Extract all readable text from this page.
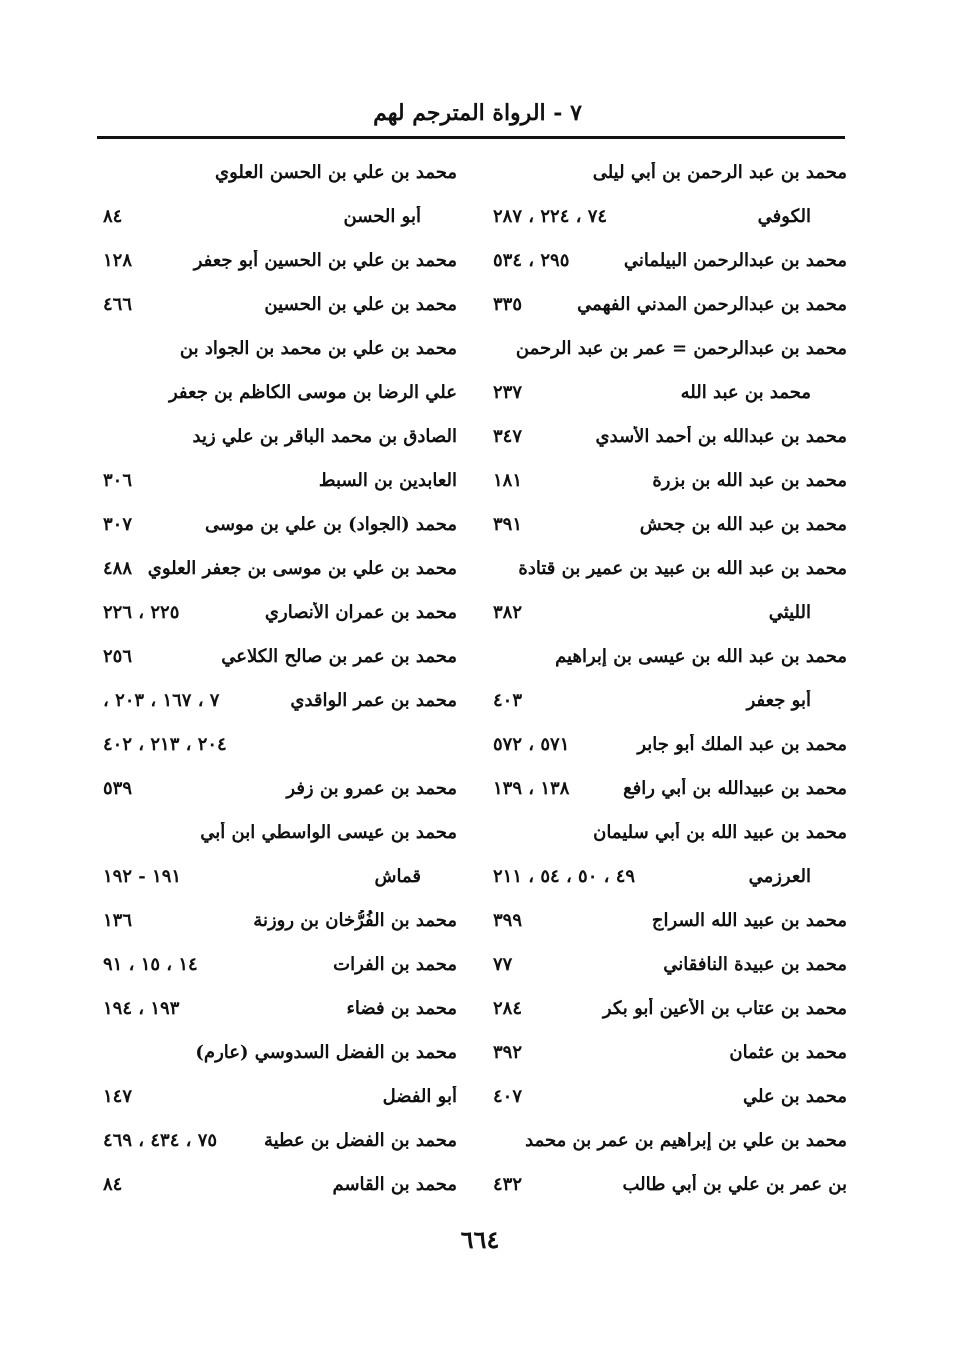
٧ - الرواة المترجم لهم
محمد بن عبد الرحمن بن أبي ليلى
الكوفي
٧٤ ، ٢٢٤ ، ٢٨٧
محمد بن عبدالرحمن البيلماني
٢٩٥ ، ٥٣٤
محمد بن عبدالرحمن المدني الفهمي
٣٣٥
محمد بن عبدالرحمن = عمر بن عبد الرحمن
محمد بن عبد الله
٢٣٧
محمد بن عبدالله بن أحمد الأسدي
٣٤٧
محمد بن عبد الله بن بزرة
١٨١
محمد بن عبد الله بن جحش
٣٩١
محمد بن عبد الله بن عبيد بن عمير بن قتادة
الليثي
٣٨٢
محمد بن عبد الله بن عيسى بن إبراهيم
أبو جعفر
٤٠٣
محمد بن عبد الملك أبو جابر
٥٧١ ، ٥٧٢
محمد بن عبيدالله بن أبي رافع
١٣٨ ، ١٣٩
محمد بن عبيد الله بن أبي سليمان
العرزمي
٤٩ ، ٥٠ ، ٥٤ ، ٢١١
محمد بن عبيد الله السراج
٣٩٩
محمد بن عبيدة النافقاني
٧٧
محمد بن عتاب بن الأعين أبو بكر
٢٨٤
محمد بن عثمان
٣٩٢
محمد بن علي
٤٠٧
محمد بن علي بن إبراهيم بن عمر بن محمد
بن عمر بن علي بن أبي طالب
٤٣٢
محمد بن علي بن الحسن العلوي
أبو الحسن
٨٤
محمد بن علي بن الحسين أبو جعفر
١٢٨
محمد بن علي بن الحسين
٤٦٦
محمد بن علي بن محمد بن الجواد بن
علي الرضا بن موسى الكاظم بن جعفر
الصادق بن محمد الباقر بن علي زيد
العابدين بن السبط
٣٠٦
محمد (الجواد) بن علي بن موسى
٣٠٧
محمد بن علي بن موسى بن جعفر العلوي
٤٨٨
محمد بن عمران الأنصاري
٢٢٥ ، ٢٢٦
محمد بن عمر بن صالح الكلاعي
٢٥٦
محمد بن عمر الواقدي
٧ ، ١٦٧ ، ٢٠٣ ،
٢٠٤ ، ٢١٣ ، ٤٠٢
محمد بن عمرو بن زفر
٥٣٩
محمد بن عيسى الواسطي ابن أبي
قماش
١٩١ - ١٩٢
محمد بن الفُرُّخان بن روزنة
١٣٦
محمد بن الفرات
١٤ ، ١٥ ، ٩١
محمد بن فضاء
١٩٣ ، ١٩٤
محمد بن الفضل السدوسي (عارم)
أبو الفضل
١٤٧
محمد بن الفضل بن عطية
٧٥ ، ٤٣٤ ، ٤٦٩
محمد بن القاسم
٨٤
٦٦٤
